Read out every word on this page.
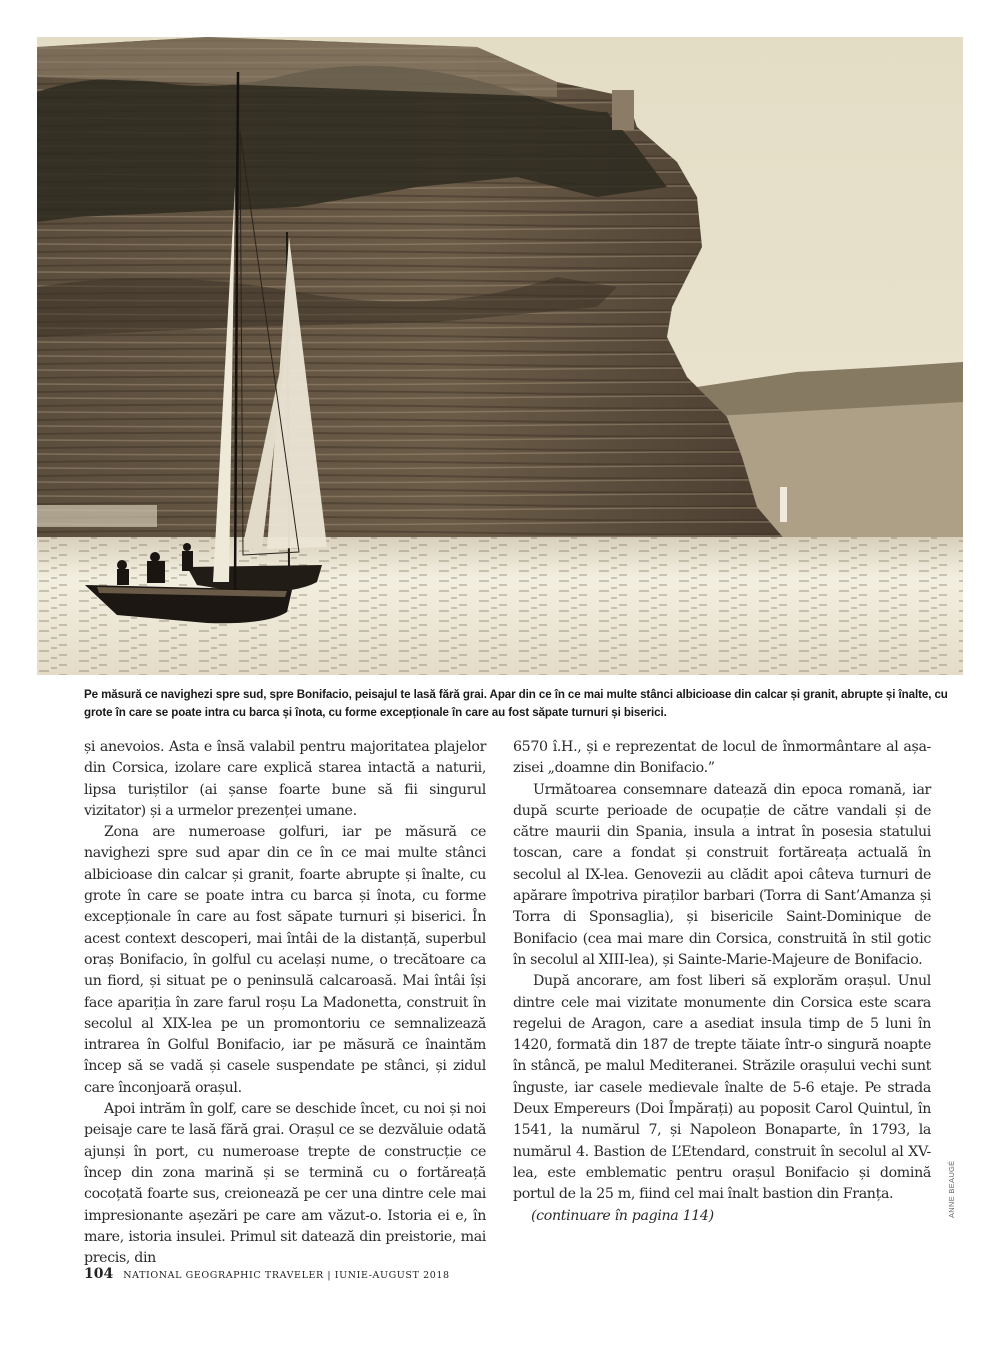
Pe măsură ce navighezi spre sud, spre Bonifacio, peisajul te lasă fără grai. Apar din ce în ce mai multe stânci albicioase din calcar și granit, abrupte și înalte, cu grote în care se poate intra cu barca și înota, cu forme excepționale în care au fost săpate turnuri și biserici.

și anevoios. Asta e însă valabil pentru majoritatea plajelor din Corsica, izolare care explică starea intactă a naturii, lipsa turiștilor (ai șanse foarte bune să fii singurul vizitator) și a urmelor prezenței umane.

Zona are numeroase golfuri, iar pe măsură ce navighezi spre sud apar din ce în ce mai multe stânci albicioase din calcar și granit, foarte abrupte și înalte, cu grote în care se poate intra cu barca și înota, cu forme excepționale în care au fost săpate turnuri și biserici. În acest context descoperi, mai întâi de la distanță, superbul oraș Bonifacio, în golful cu același nume, o trecătoare ca un fiord, și situat pe o peninsulă calcaroasă. Mai întâi își face apariția în zare farul roșu La Madonetta, construit în secolul al XIX-lea pe un promontoriu ce semnalizează intrarea în Golful Bonifacio, iar pe măsură ce înaintăm încep să se vadă și casele suspendate pe stânci, și zidul care înconjoară orașul.

Apoi intrăm în golf, care se deschide încet, cu noi și noi peisaje care te lasă fără grai. Orașul ce se dezvăluie odată ajunși în port, cu numeroase trepte de construcție ce încep din zona marină și se termină cu o fortăreață cocoțată foarte sus, creionează pe cer una dintre cele mai impresionante așezări pe care am văzut-o. Istoria ei e, în mare, istoria insulei. Primul sit datează din preistorie, mai precis, din

6570 î.H., și e reprezentat de locul de înmormântare al așa-zisei „doamne din Bonifacio.”

Următoarea consemnare datează din epoca romană, iar după scurte perioade de ocupație de către vandali și de către maurii din Spania, insula a intrat în posesia statului toscan, care a fondat și construit fortăreața actuală în secolul al IX-lea. Genovezii au clădit apoi câteva turnuri de apărare împotriva piraților barbari (Torra di Sant’Amanza și Torra di Sponsaglia), și bisericile Saint-Dominique de Bonifacio (cea mai mare din Corsica, construită în stil gotic în secolul al XIII-lea), și Sainte-Marie-Majeure de Bonifacio.

După ancorare, am fost liberi să explorăm orașul. Unul dintre cele mai vizitate monumente din Corsica este scara regelui de Aragon, care a asediat insula timp de 5 luni în 1420, formată din 187 de trepte tăiate într-o singură noapte în stâncă, pe malul Mediteranei. Străzile orașului vechi sunt înguste, iar casele medievale înalte de 5-6 etaje. Pe strada Deux Empereurs (Doi Împărați) au poposit Carol Quintul, în 1541, la numărul 7, și Napoleon Bonaparte, în 1793, la numărul 4. Bastion de L’Etendard, construit în secolul al XV-lea, este emblematic pentru orașul Bonifacio și domină portul de la 25 m, fiind cel mai înalt bastion din Franța.

(continuare în pagina 114)	ANNE BEAUGÉ
104 NATIONAL GEOGRAPHIC TRAVELER | IUNIE-AUGUST 2018
